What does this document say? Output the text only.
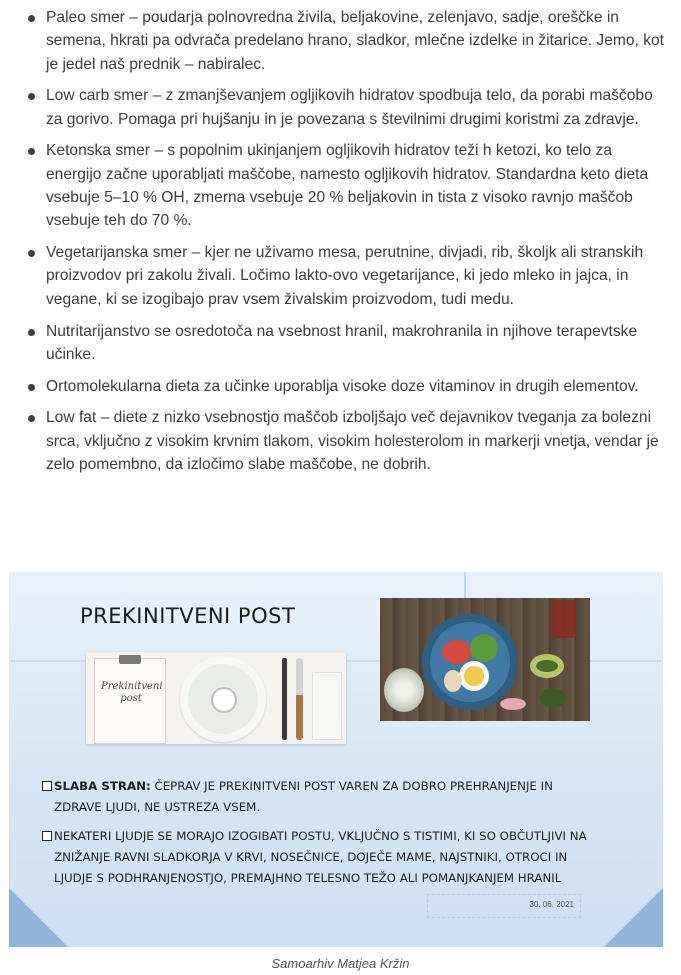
Paleo smer – poudarja polnovredna živila, beljakovine, zelenjavo, sadje, oreščke in semena, hkrati pa odvrača predelano hrano, sladkor, mlečne izdelke in žitarice. Jemo, kot je jedel naš prednik – nabiralec.
Low carb smer – z zmanjševanjem ogljikovih hidratov spodbuja telo, da porabi maščobo za gorivo. Pomaga pri hujšanju in je povezana s številnimi drugimi koristmi za zdravje.
Ketonska smer – s popolnim ukinjanjem ogljikovih hidratov teži h ketozi, ko telo za energijo začne uporabljati maščobe, namesto ogljikovih hidratov. Standardna keto dieta vsebuje 5–10 % OH, zmerna vsebuje 20 % beljakovin in tista z visoko ravnjo maščob vsebuje teh do 70 %.
Vegetarijanska smer – kjer ne uživamo mesa, perutnine, divjadi, rib, školjk ali stranskih proizvodov pri zakolu živali. Ločimo lakto-ovo vegetarijance, ki jedo mleko in jajca, in vegane, ki se izogibajo prav vsem živalskim proizvodom, tudi medu.
Nutritarijanstvo se osredotoča na vsebnost hranil, makrohranila in njihove terapevtske učinke.
Ortomolekularna dieta za učinke uporablja visoke doze vitaminov in drugih elementov.
Low fat – diete z nizko vsebnostjo maščob izboljšajo več dejavnikov tveganja za bolezni srca, vključno z visokim krvnim tlakom, visokim holesterolom in markerji vnetja, vendar je zelo pomembno, da izločimo slabe maščobe, ne dobrih.
PREKINITVENI POST
Prekinitveni post
SLABA STRAN: ČEPRAV JE PREKINITVENI POST VAREN ZA DOBRO PREHRANJENJE IN ZDRAVE LJUDI, NE USTREZA VSEM.
NEKATERI LJUDJE SE MORAJO IZOGIBATI POSTU, VKLJUČNO S TISTIMI, KI SO OBČUTLJIVI NA ZNIŽANJE RAVNI SLADKORJA V KRVI, NOSEČNICE, DOJEČE MAME, NAJSTNIKI, OTROCI IN LJUDJE S PODHRANJENOSTJO, PREMAJHNO TELESNO TEŽO ALI POMANJKANJEM HRANIL
30. 06. 2021
Samoarhiv Matjea Kržin
